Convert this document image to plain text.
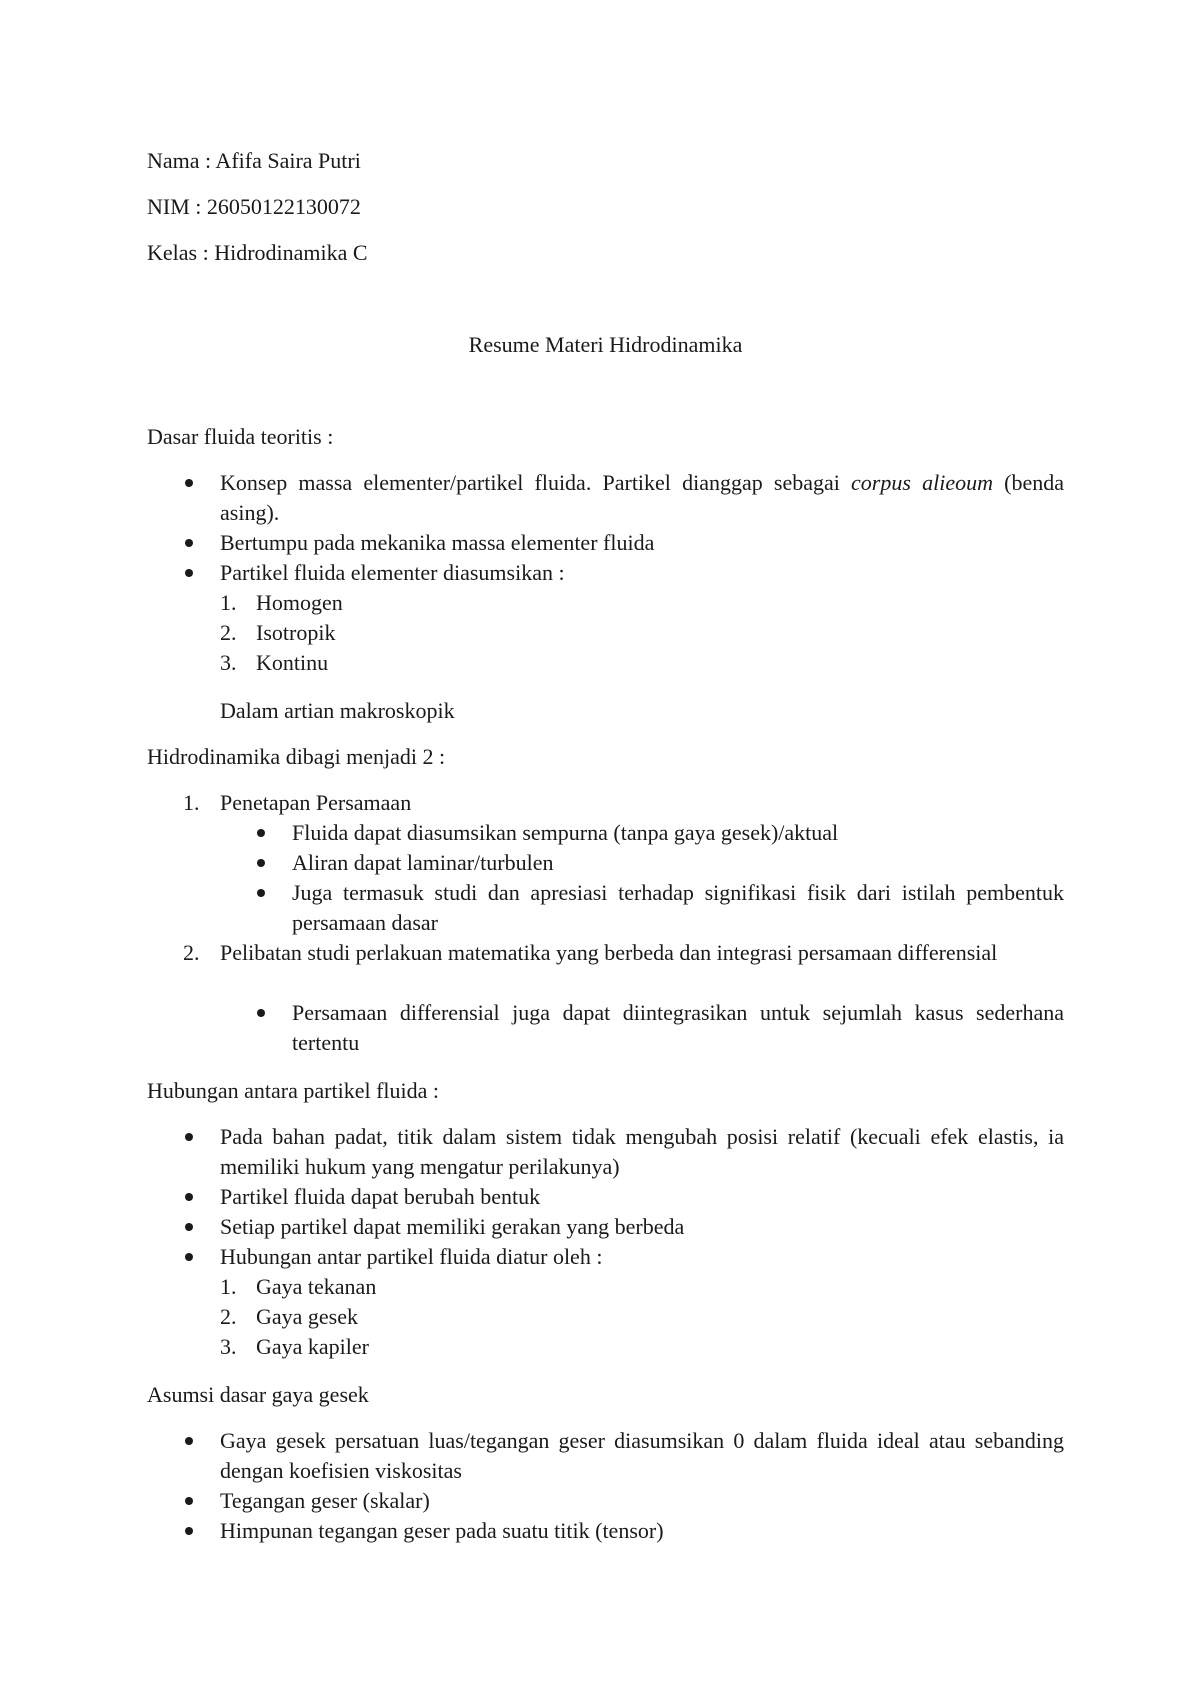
Nama : Afifa Saira Putri

NIM : 26050122130072

Kelas : Hidrodinamika C

Resume Materi Hidrodinamika

Dasar fluida teoritis :

Konsep massa elementer/partikel fluida. Partikel dianggap sebagai corpus alieoum (benda asing).

Bertumpu pada mekanika massa elementer fluida

Partikel fluida elementer diasumsikan :

1. Homogen

2. Isotropik

3. Kontinu

Dalam artian makroskopik

Hidrodinamika dibagi menjadi 2 :

1. Penetapan Persamaan

Fluida dapat diasumsikan sempurna (tanpa gaya gesek)/aktual

Aliran dapat laminar/turbulen

Juga termasuk studi dan apresiasi terhadap signifikasi fisik dari istilah pembentuk persamaan dasar

2. Pelibatan studi perlakuan matematika yang berbeda dan integrasi persamaan differensial

Persamaan differensial juga dapat diintegrasikan untuk sejumlah kasus sederhana tertentu

Hubungan antara partikel fluida :

Pada bahan padat, titik dalam sistem tidak mengubah posisi relatif (kecuali efek elastis, ia memiliki hukum yang mengatur perilakunya)

Partikel fluida dapat berubah bentuk

Setiap partikel dapat memiliki gerakan yang berbeda

Hubungan antar partikel fluida diatur oleh :

1. Gaya tekanan

2. Gaya gesek

3. Gaya kapiler

Asumsi dasar gaya gesek

Gaya gesek persatuan luas/tegangan geser diasumsikan 0 dalam fluida ideal atau sebanding dengan koefisien viskositas

Tegangan geser (skalar)

Himpunan tegangan geser pada suatu titik (tensor)
